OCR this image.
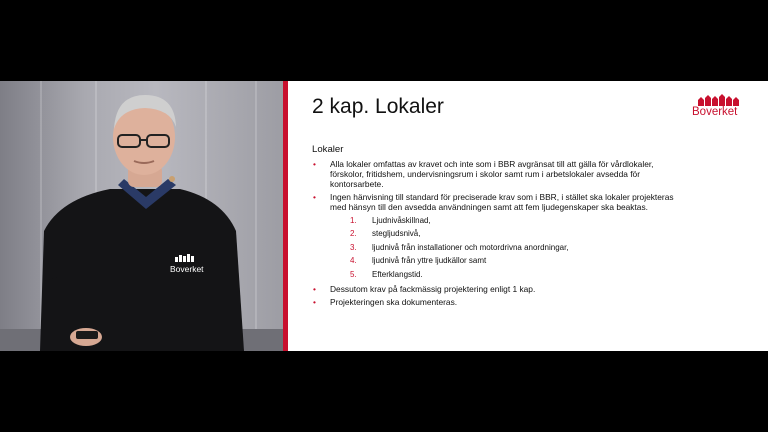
Boverket
2 kap. Lokaler	Boverket
Lokaler
• Alla lokaler omfattas av kravet och inte som i BBR avgränsat till att gälla för vårdlokaler, förskolor, fritidshem, undervisningsrum i skolor samt rum i arbetslokaler avsedda för kontorsarbete.
• Ingen hänvisning till standard för preciserade krav som i BBR, i stället ska lokaler projekteras med hänsyn till den avsedda användningen samt att fem ljudegenskaper ska beaktas.
1. Ljudnivåskillnad,
2. stegljudsnivå,
3. ljudnivå från installationer och motordrivna anordningar,
4. ljudnivå från yttre ljudkällor samt
5. Efterklangstid.
• Dessutom krav på fackmässig projektering enligt 1 kap.
• Projekteringen ska dokumenteras.
